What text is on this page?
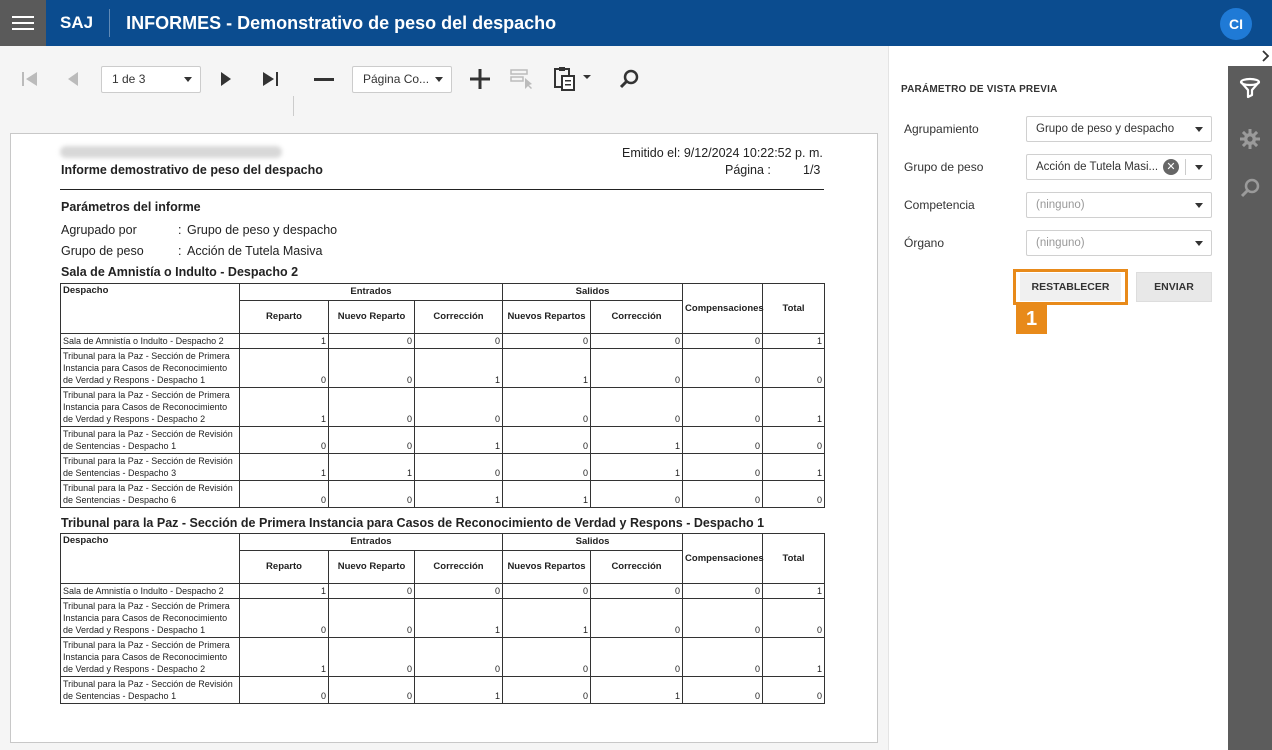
SAJ	INFORMES - Demonstrativo de peso del despacho	CI
1 de 3	Página Co...
Informe demostrativo de peso del despacho
Emitido el: 9/12/2024 10:22:52 p. m.
Página :	1/3
Parámetros del informe
Agrupado por	: Grupo de peso y despacho
Grupo de peso	: Acción de Tutela Masiva
Sala de Amnistía o Indulto - Despacho 2
Despacho	Entrados			Salidos		Compensaciones	Total
	Reparto	Nuevo Reparto	Corrección	Nuevos Repartos	Corrección		

Sala de Amnistía o Indulto - Despacho 2	1	0	0	0	0	0	1

Tribunal para la Paz - Sección de Primera
Instancia para Casos de Reconocimiento
de Verdad y Respons - Despacho 1	0	0	1	1	0	0	0

Tribunal para la Paz - Sección de Primera
Instancia para Casos de Reconocimiento
de Verdad y Respons - Despacho 2	1	0	0	0	0	0	1

Tribunal para la Paz - Sección de Revisión
de Sentencias - Despacho 1	0	0	1	0	1	0	0

Tribunal para la Paz - Sección de Revisión
de Sentencias - Despacho 3	1	1	0	0	1	0	1

Tribunal para la Paz - Sección de Revisión
de Sentencias - Despacho 6	0	0	1	1	0	0	0
Tribunal para la Paz - Sección de Primera Instancia para Casos de Reconocimiento de Verdad y Respons - Despacho 1
Despacho	Entrados			Salidos		Compensaciones	Total
	Reparto	Nuevo Reparto	Corrección	Nuevos Repartos	Corrección		

Sala de Amnistía o Indulto - Despacho 2	1	0	0	0	0	0	1

Tribunal para la Paz - Sección de Primera
Instancia para Casos de Reconocimiento
de Verdad y Respons - Despacho 1	0	0	1	1	0	0	0

Tribunal para la Paz - Sección de Primera
Instancia para Casos de Reconocimiento
de Verdad y Respons - Despacho 2	1	0	0	0	0	0	1

Tribunal para la Paz - Sección de Revisión
de Sentencias - Despacho 1	0	0	1	0	1	0	0
PARÁMETRO DE VISTA PREVIA
Agrupamiento	Grupo de peso y despacho
Grupo de peso	Acción de Tutela Masi... ✕
Competencia	(ninguno)
Órgano	(ninguno)
RESTABLECER	ENVIAR
1
